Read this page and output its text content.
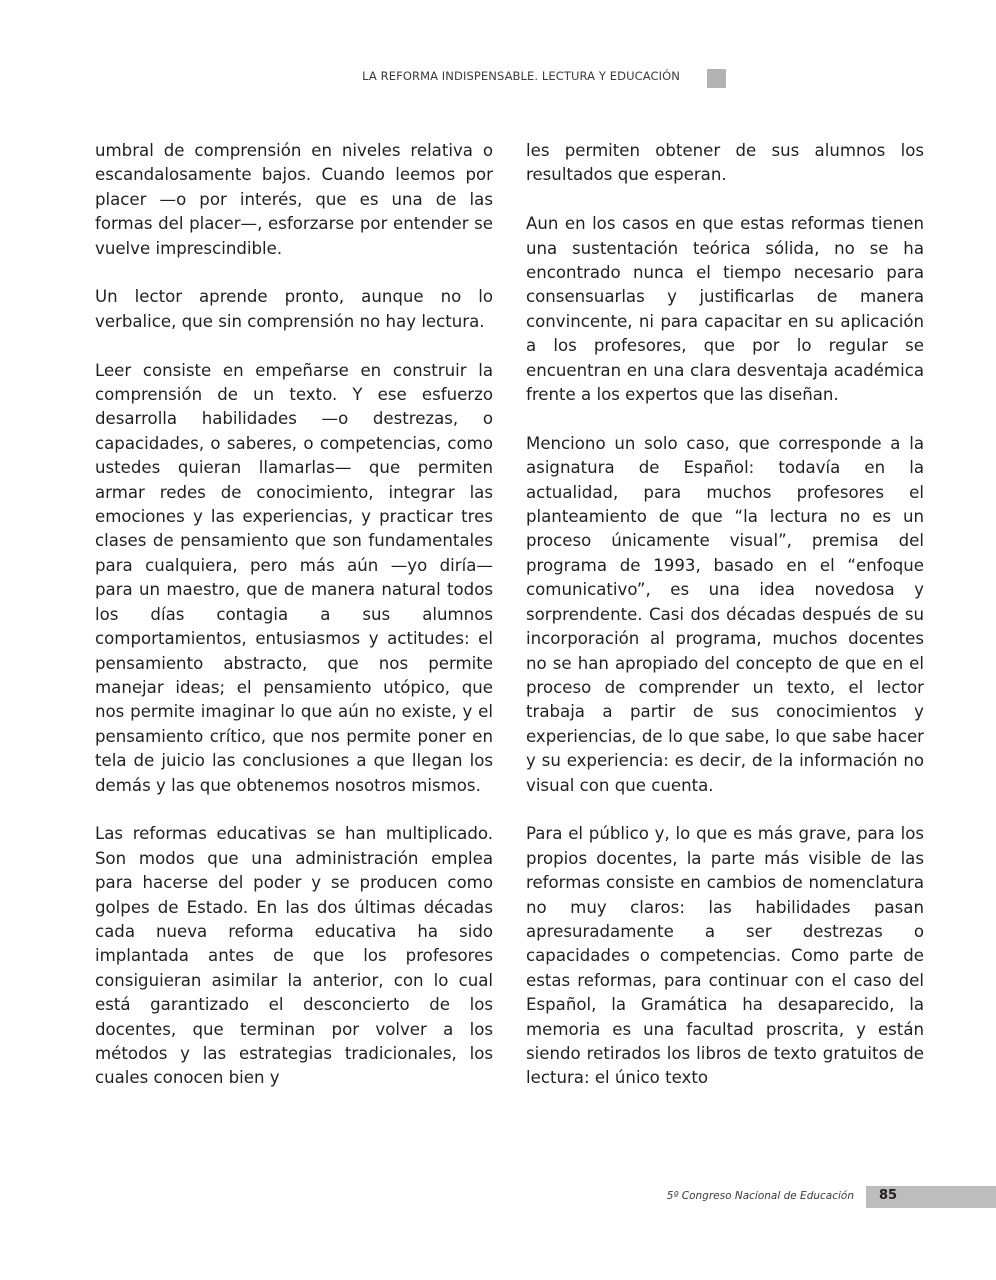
LA REFORMA INDISPENSABLE. LECTURA Y EDUCACIÓN

umbral de comprensión en niveles relativa o escandalosamente bajos. Cuando leemos por placer —o por interés, que es una de las formas del placer—, esforzarse por entender se vuelve imprescindible.

Un lector aprende pronto, aunque no lo verbalice, que sin comprensión no hay lectura.

Leer consiste en empeñarse en construir la comprensión de un texto. Y ese esfuerzo desarrolla habilidades —o destrezas, o capacidades, o saberes, o competencias, como ustedes quieran llamarlas— que permiten armar redes de conocimiento, integrar las emociones y las experiencias, y practicar tres clases de pensamiento que son fundamentales para cualquiera, pero más aún —yo diría— para un maestro, que de manera natural todos los días contagia a sus alumnos comportamientos, entusiasmos y actitudes: el pensamiento abstracto, que nos permite manejar ideas; el pensamiento utópico, que nos permite imaginar lo que aún no existe, y el pensamiento crítico, que nos permite poner en tela de juicio las conclusiones a que llegan los demás y las que obtenemos nosotros mismos.

Las reformas educativas se han multiplicado. Son modos que una administración emplea para hacerse del poder y se producen como golpes de Estado. En las dos últimas décadas cada nueva reforma educativa ha sido implantada antes de que los profesores consiguieran asimilar la anterior, con lo cual está garantizado el desconcierto de los docentes, que terminan por volver a los métodos y las estrategias tradicionales, los cuales conocen bien y

les permiten obtener de sus alumnos los resultados que esperan.

Aun en los casos en que estas reformas tienen una sustentación teórica sólida, no se ha encontrado nunca el tiempo necesario para consensuarlas y justificarlas de manera convincente, ni para capacitar en su aplicación a los profesores, que por lo regular se encuentran en una clara desventaja académica frente a los expertos que las diseñan.

Menciono un solo caso, que corresponde a la asignatura de Español: todavía en la actualidad, para muchos profesores el planteamiento de que “la lectura no es un proceso únicamente visual”, premisa del programa de 1993, basado en el “enfoque comunicativo”, es una idea novedosa y sorprendente. Casi dos décadas después de su incorporación al programa, muchos docentes no se han apropiado del concepto de que en el proceso de comprender un texto, el lector trabaja a partir de sus conocimientos y experiencias, de lo que sabe, lo que sabe hacer y su experiencia: es decir, de la información no visual con que cuenta.

Para el público y, lo que es más grave, para los propios docentes, la parte más visible de las reformas consiste en cambios de nomenclatura no muy claros: las habilidades pasan apresuradamente a ser destrezas o capacidades o competencias. Como parte de estas reformas, para continuar con el caso del Español, la Gramática ha desaparecido, la memoria es una facultad proscrita, y están siendo retirados los libros de texto gratuitos de lectura: el único texto

5º Congreso Nacional de Educación 85
